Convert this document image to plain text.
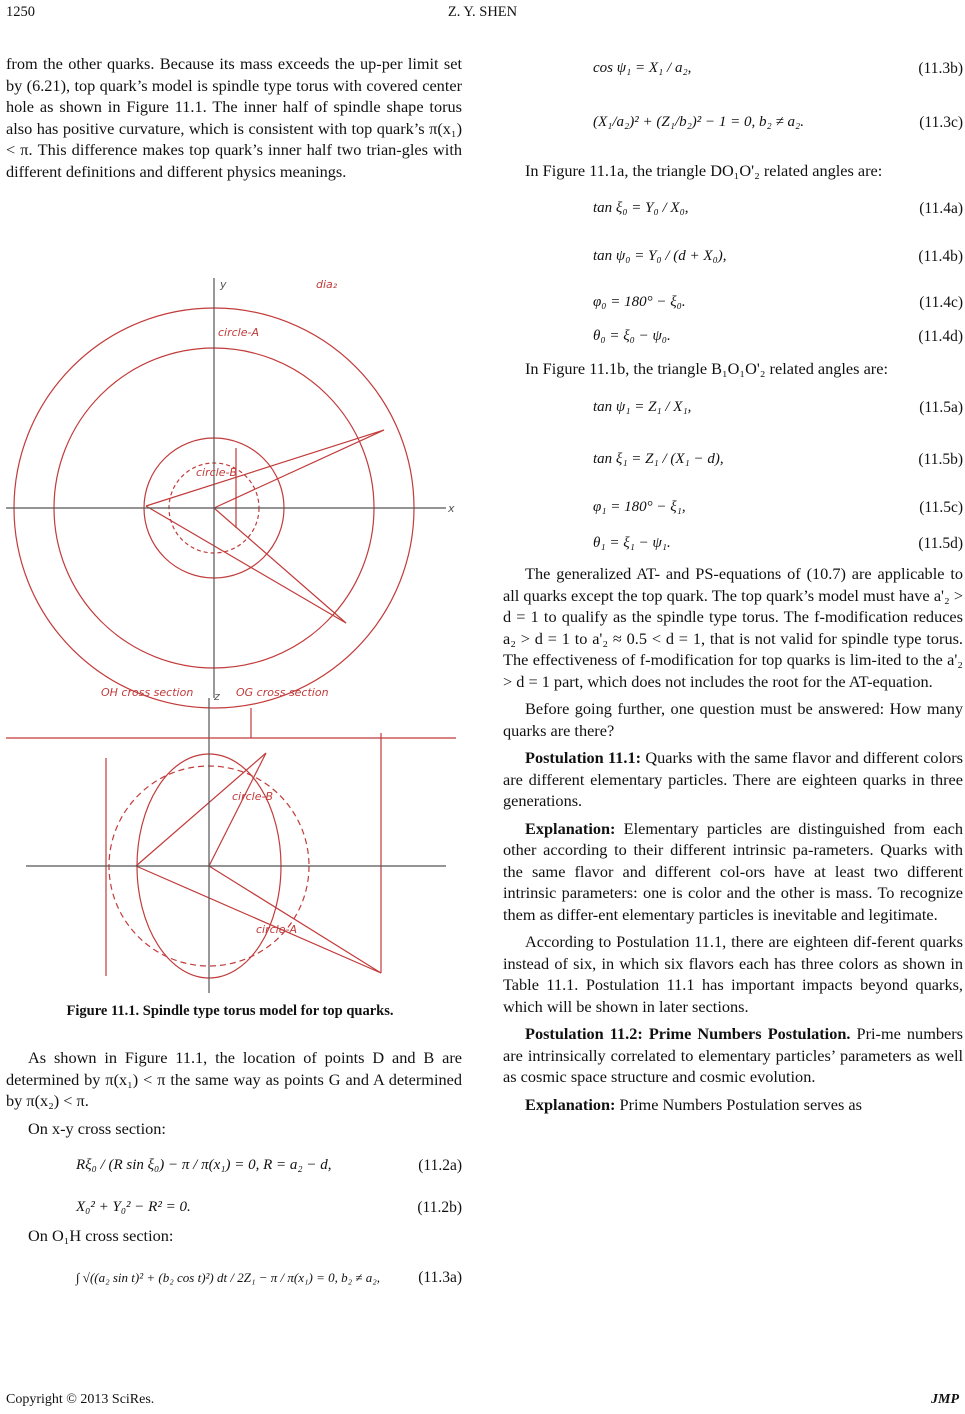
1250	Z. Y. SHEN

from the other quarks. Because its mass exceeds the up-per limit set by (6.21), top quark’s model is spindle type torus with covered center hole as shown in Figure 11.1. The inner half of spindle shape torus also has positive curvature, which is consistent with top quark’s π(x₁) < π. This difference makes top quark’s inner half two trian-gles with different definitions and different physics meanings.

y
x
z
circle-A
circle-B
dia₂
OH cross section	OG cross section
circle-B
circle-A
Figure 11.1. Spindle type torus model for top quarks.

As shown in Figure 11.1, the location of points D and B are determined by π(x₁) < π the same way as points G and A determined by π(x₂) < π.

On x-y cross section:

Rξ₀ / (R sin ξ₀) − π / π(x₁) = 0, R = a₂ − d,	(11.2a)
X₀² + Y₀² − R² = 0.	(11.2b)

On O₁H cross section:

∫ √((a₂ sin t)² + (b₂ cos t)²) dt / 2Z₁ − π / π(x₁) = 0, b₂ ≠ a₂, (11.3a)
cos ψ₁ = X₁ / a₂,	(11.3b)
(X₁/a₂)² + (Z₁/b₂)² − 1 = 0, b₂ ≠ a₂.	(11.3c)

In Figure 11.1a, the triangle DO₁O'₂ related angles are:

tan ξ₀ = Y₀ / X₀,	(11.4a)
tan ψ₀ = Y₀ / (d + X₀),	(11.4b)
φ₀ = 180° − ξ₀.	(11.4c)
θ₀ = ξ₀ − ψ₀.	(11.4d)

In Figure 11.1b, the triangle B₁O₁O'₂ related angles are:

tan ψ₁ = Z₁ / X₁,	(11.5a)
tan ξ₁ = Z₁ / (X₁ − d),	(11.5b)
φ₁ = 180° − ξ₁,	(11.5c)
θ₁ = ξ₁ − ψ₁.	(11.5d)

The generalized AT- and PS-equations of (10.7) are applicable to all quarks except the top quark. The top quark’s model must have a'₂ > d = 1 to qualify as the spindle type torus. The f-modification reduces a₂ > d = 1 to a'₂ ≈ 0.5 < d = 1, that is not valid for spindle type torus. The effectiveness of f-modification for top quarks is lim-ited to the a'₂ > d = 1 part, which does not includes the root for the AT-equation.

Before going further, one question must be answered: How many quarks are there?

Postulation 11.1: Quarks with the same flavor and different colors are different elementary particles. There are eighteen quarks in three generations.

Explanation: Elementary particles are distinguished from each other according to their different intrinsic pa-rameters. Quarks with the same flavor and different col-ors have at least two different intrinsic parameters: one is color and the other is mass. To recognize them as differ-ent elementary particles is inevitable and legitimate.

According to Postulation 11.1, there are eighteen dif-ferent quarks instead of six, in which six flavors each has three colors as shown in Table 11.1. Postulation 11.1 has important impacts beyond quarks, which will be shown in later sections.

Postulation 11.2: Prime Numbers Postulation. Pri-me numbers are intrinsically correlated to elementary particles’ parameters as well as cosmic space structure and cosmic evolution.

Explanation: Prime Numbers Postulation serves as

Copyright © 2013 SciRes.	JMP
